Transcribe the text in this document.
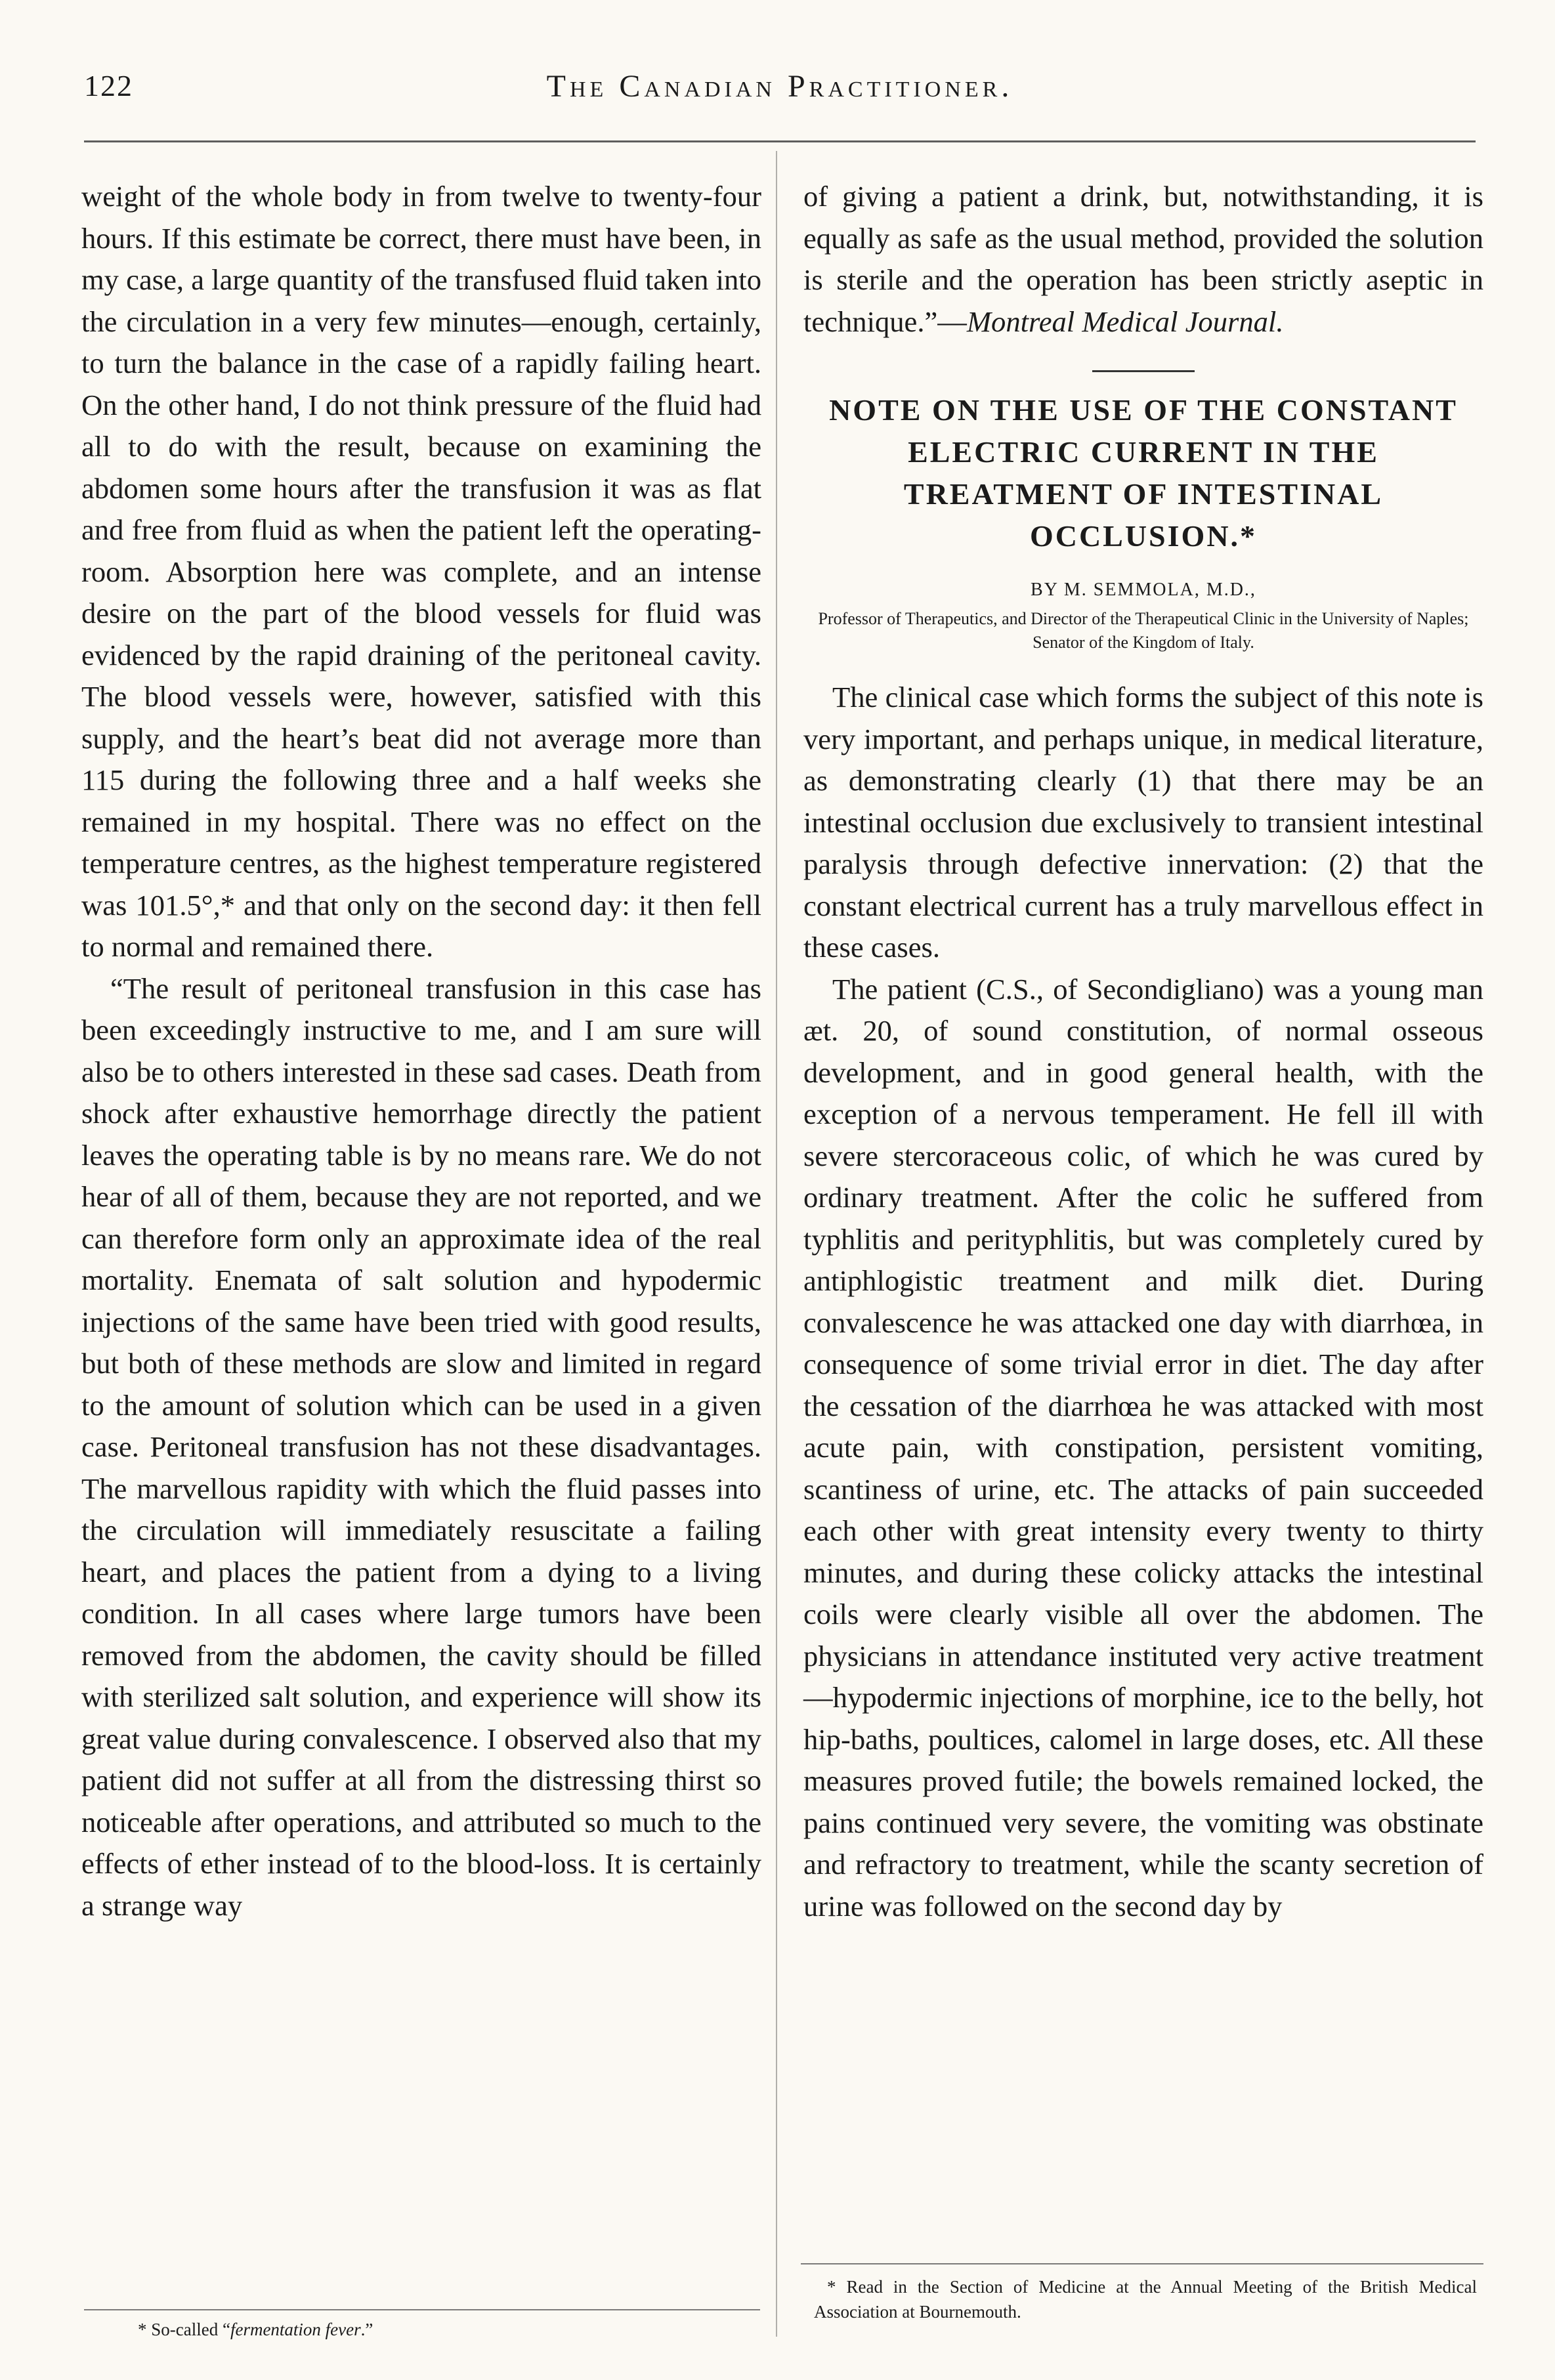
122	The Canadian Practitioner.

weight of the whole body in from twelve to twenty-four hours. If this estimate be correct, there must have been, in my case, a large quantity of the transfused fluid taken into the circulation in a very few minutes—enough, certainly, to turn the balance in the case of a rapidly failing heart. On the other hand, I do not think pressure of the fluid had all to do with the result, because on examining the abdomen some hours after the transfusion it was as flat and free from fluid as when the patient left the operating-room. Absorption here was complete, and an intense desire on the part of the blood vessels for fluid was evidenced by the rapid draining of the peritoneal cavity. The blood vessels were, however, satisfied with this supply, and the heart’s beat did not average more than 115 during the following three and a half weeks she remained in my hospital. There was no effect on the temperature centres, as the highest temperature registered was 101.5°,* and that only on the second day: it then fell to normal and remained there.

“The result of peritoneal transfusion in this case has been exceedingly instructive to me, and I am sure will also be to others interested in these sad cases. Death from shock after exhaustive hemorrhage directly the patient leaves the operating table is by no means rare. We do not hear of all of them, because they are not reported, and we can therefore form only an approximate idea of the real mortality. Enemata of salt solution and hypodermic injections of the same have been tried with good results, but both of these methods are slow and limited in regard to the amount of solution which can be used in a given case. Peritoneal transfusion has not these disadvantages. The marvellous rapidity with which the fluid passes into the circulation will immediately resuscitate a failing heart, and places the patient from a dying to a living condition. In all cases where large tumors have been removed from the abdomen, the cavity should be filled with sterilized salt solution, and experience will show its great value during convalescence. I observed also that my patient did not suffer at all from the distressing thirst so noticeable after operations, and attributed so much to the effects of ether instead of to the blood-loss. It is certainly a strange way

of giving a patient a drink, but, notwithstanding, it is equally as safe as the usual method, provided the solution is sterile and the operation has been strictly aseptic in technique.”—Montreal Medical Journal.

NOTE ON THE USE OF THE CONSTANT ELECTRIC CURRENT IN THE TREATMENT OF INTESTINAL OCCLUSION.*
BY M. SEMMOLA, M.D.,
Professor of Therapeutics, and Director of the Therapeutical Clinic in the University of Naples; Senator of the Kingdom of Italy.

The clinical case which forms the subject of this note is very important, and perhaps unique, in medical literature, as demonstrating clearly (1) that there may be an intestinal occlusion due exclusively to transient intestinal paralysis through defective innervation: (2) that the constant electrical current has a truly marvellous effect in these cases.

The patient (C.S., of Secondigliano) was a young man æt. 20, of sound constitution, of normal osseous development, and in good general health, with the exception of a nervous temperament. He fell ill with severe stercoraceous colic, of which he was cured by ordinary treatment. After the colic he suffered from typhlitis and perityphlitis, but was completely cured by antiphlogistic treatment and milk diet. During convalescence he was attacked one day with diarrhœa, in consequence of some trivial error in diet. The day after the cessation of the diarrhœa he was attacked with most acute pain, with constipation, persistent vomiting, scantiness of urine, etc. The attacks of pain succeeded each other with great intensity every twenty to thirty minutes, and during these colicky attacks the intestinal coils were clearly visible all over the abdomen. The physicians in attendance instituted very active treatment—hypodermic injections of morphine, ice to the belly, hot hip-baths, poultices, calomel in large doses, etc. All these measures proved futile; the bowels remained locked, the pains continued very severe, the vomiting was obstinate and refractory to treatment, while the scanty secretion of urine was followed on the second day by

* So-called “fermentation fever.”
* Read in the Section of Medicine at the Annual Meeting of the British Medical Association at Bournemouth.
